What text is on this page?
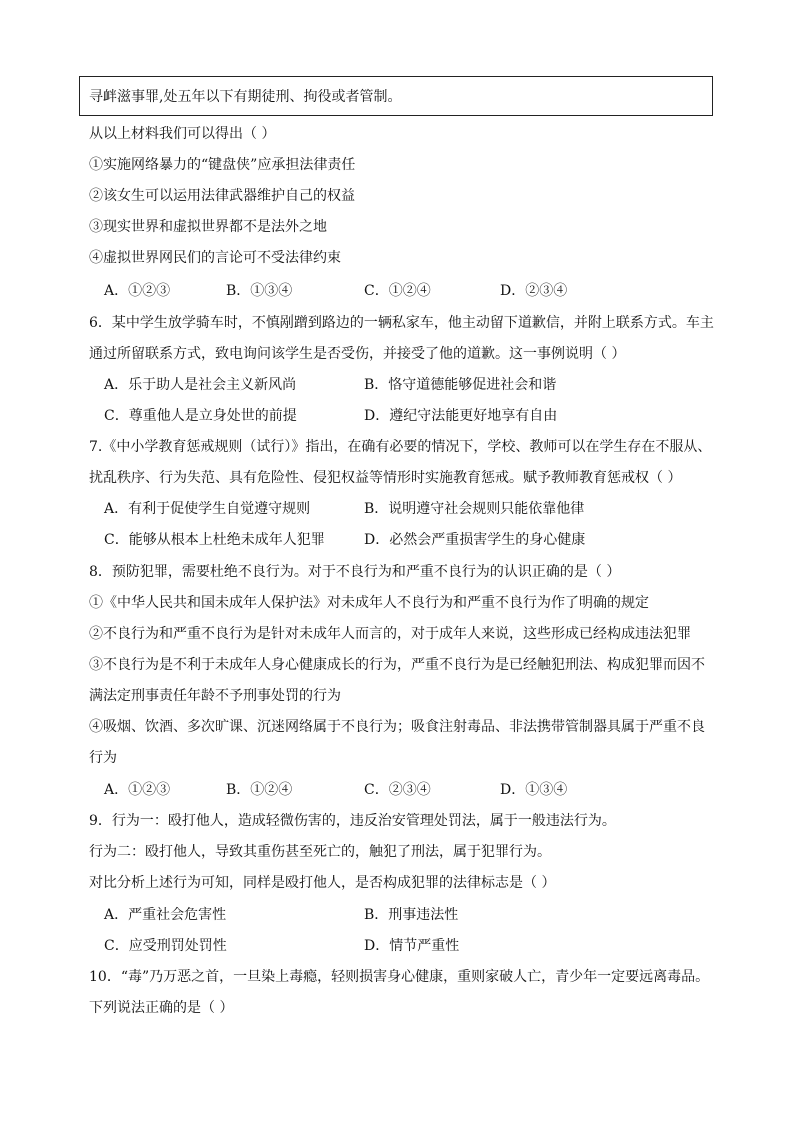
寻衅滋事罪,处五年以下有期徒刑、拘役或者管制。
从以上材料我们可以得出（ ）
①实施网络暴力的“键盘侠”应承担法律责任
②该女生可以运用法律武器维护自己的权益
③现实世界和虚拟世界都不是法外之地
④虚拟世界网民们的言论可不受法律约束
A．①②③	B．①③④	C．①②④	D．②③④
6．某中学生放学骑车时，不慎剐蹭到路边的一辆私家车，他主动留下道歉信，并附上联系方式。车主
通过所留联系方式，致电询问该学生是否受伤，并接受了他的道歉。这一事例说明（ ）
A．乐于助人是社会主义新风尚	B．恪守道德能够促进社会和谐
C．尊重他人是立身处世的前提	D．遵纪守法能更好地享有自由
7.《中小学教育惩戒规则（试行）》指出，在确有必要的情况下，学校、教师可以在学生存在不服从、
扰乱秩序、行为失范、具有危险性、侵犯权益等情形时实施教育惩戒。赋予教师教育惩戒权（ ）
A．有利于促使学生自觉遵守规则	B．说明遵守社会规则只能依靠他律
C．能够从根本上杜绝未成年人犯罪	D．必然会严重损害学生的身心健康
8．预防犯罪，需要杜绝不良行为。对于不良行为和严重不良行为的认识正确的是（ ）
①《中华人民共和国未成年人保护法》对未成年人不良行为和严重不良行为作了明确的规定
②不良行为和严重不良行为是针对未成年人而言的，对于成年人来说，这些形成已经构成违法犯罪
③不良行为是不利于未成年人身心健康成长的行为，严重不良行为是已经触犯刑法、构成犯罪而因不
满法定刑事责任年龄不予刑事处罚的行为
④吸烟、饮酒、多次旷课、沉迷网络属于不良行为；吸食注射毒品、非法携带管制器具属于严重不良
行为
A．①②③	B．①②④	C．②③④	D．①③④
9．行为一：殴打他人，造成轻微伤害的，违反治安管理处罚法，属于一般违法行为。
行为二：殴打他人，导致其重伤甚至死亡的，触犯了刑法，属于犯罪行为。
对比分析上述行为可知，同样是殴打他人，是否构成犯罪的法律标志是（ ）
A．严重社会危害性	B．刑事违法性
C．应受刑罚处罚性	D．情节严重性
10．“毒”乃万恶之首，一旦染上毒瘾，轻则损害身心健康，重则家破人亡，青少年一定要远离毒品。
下列说法正确的是（ ）
